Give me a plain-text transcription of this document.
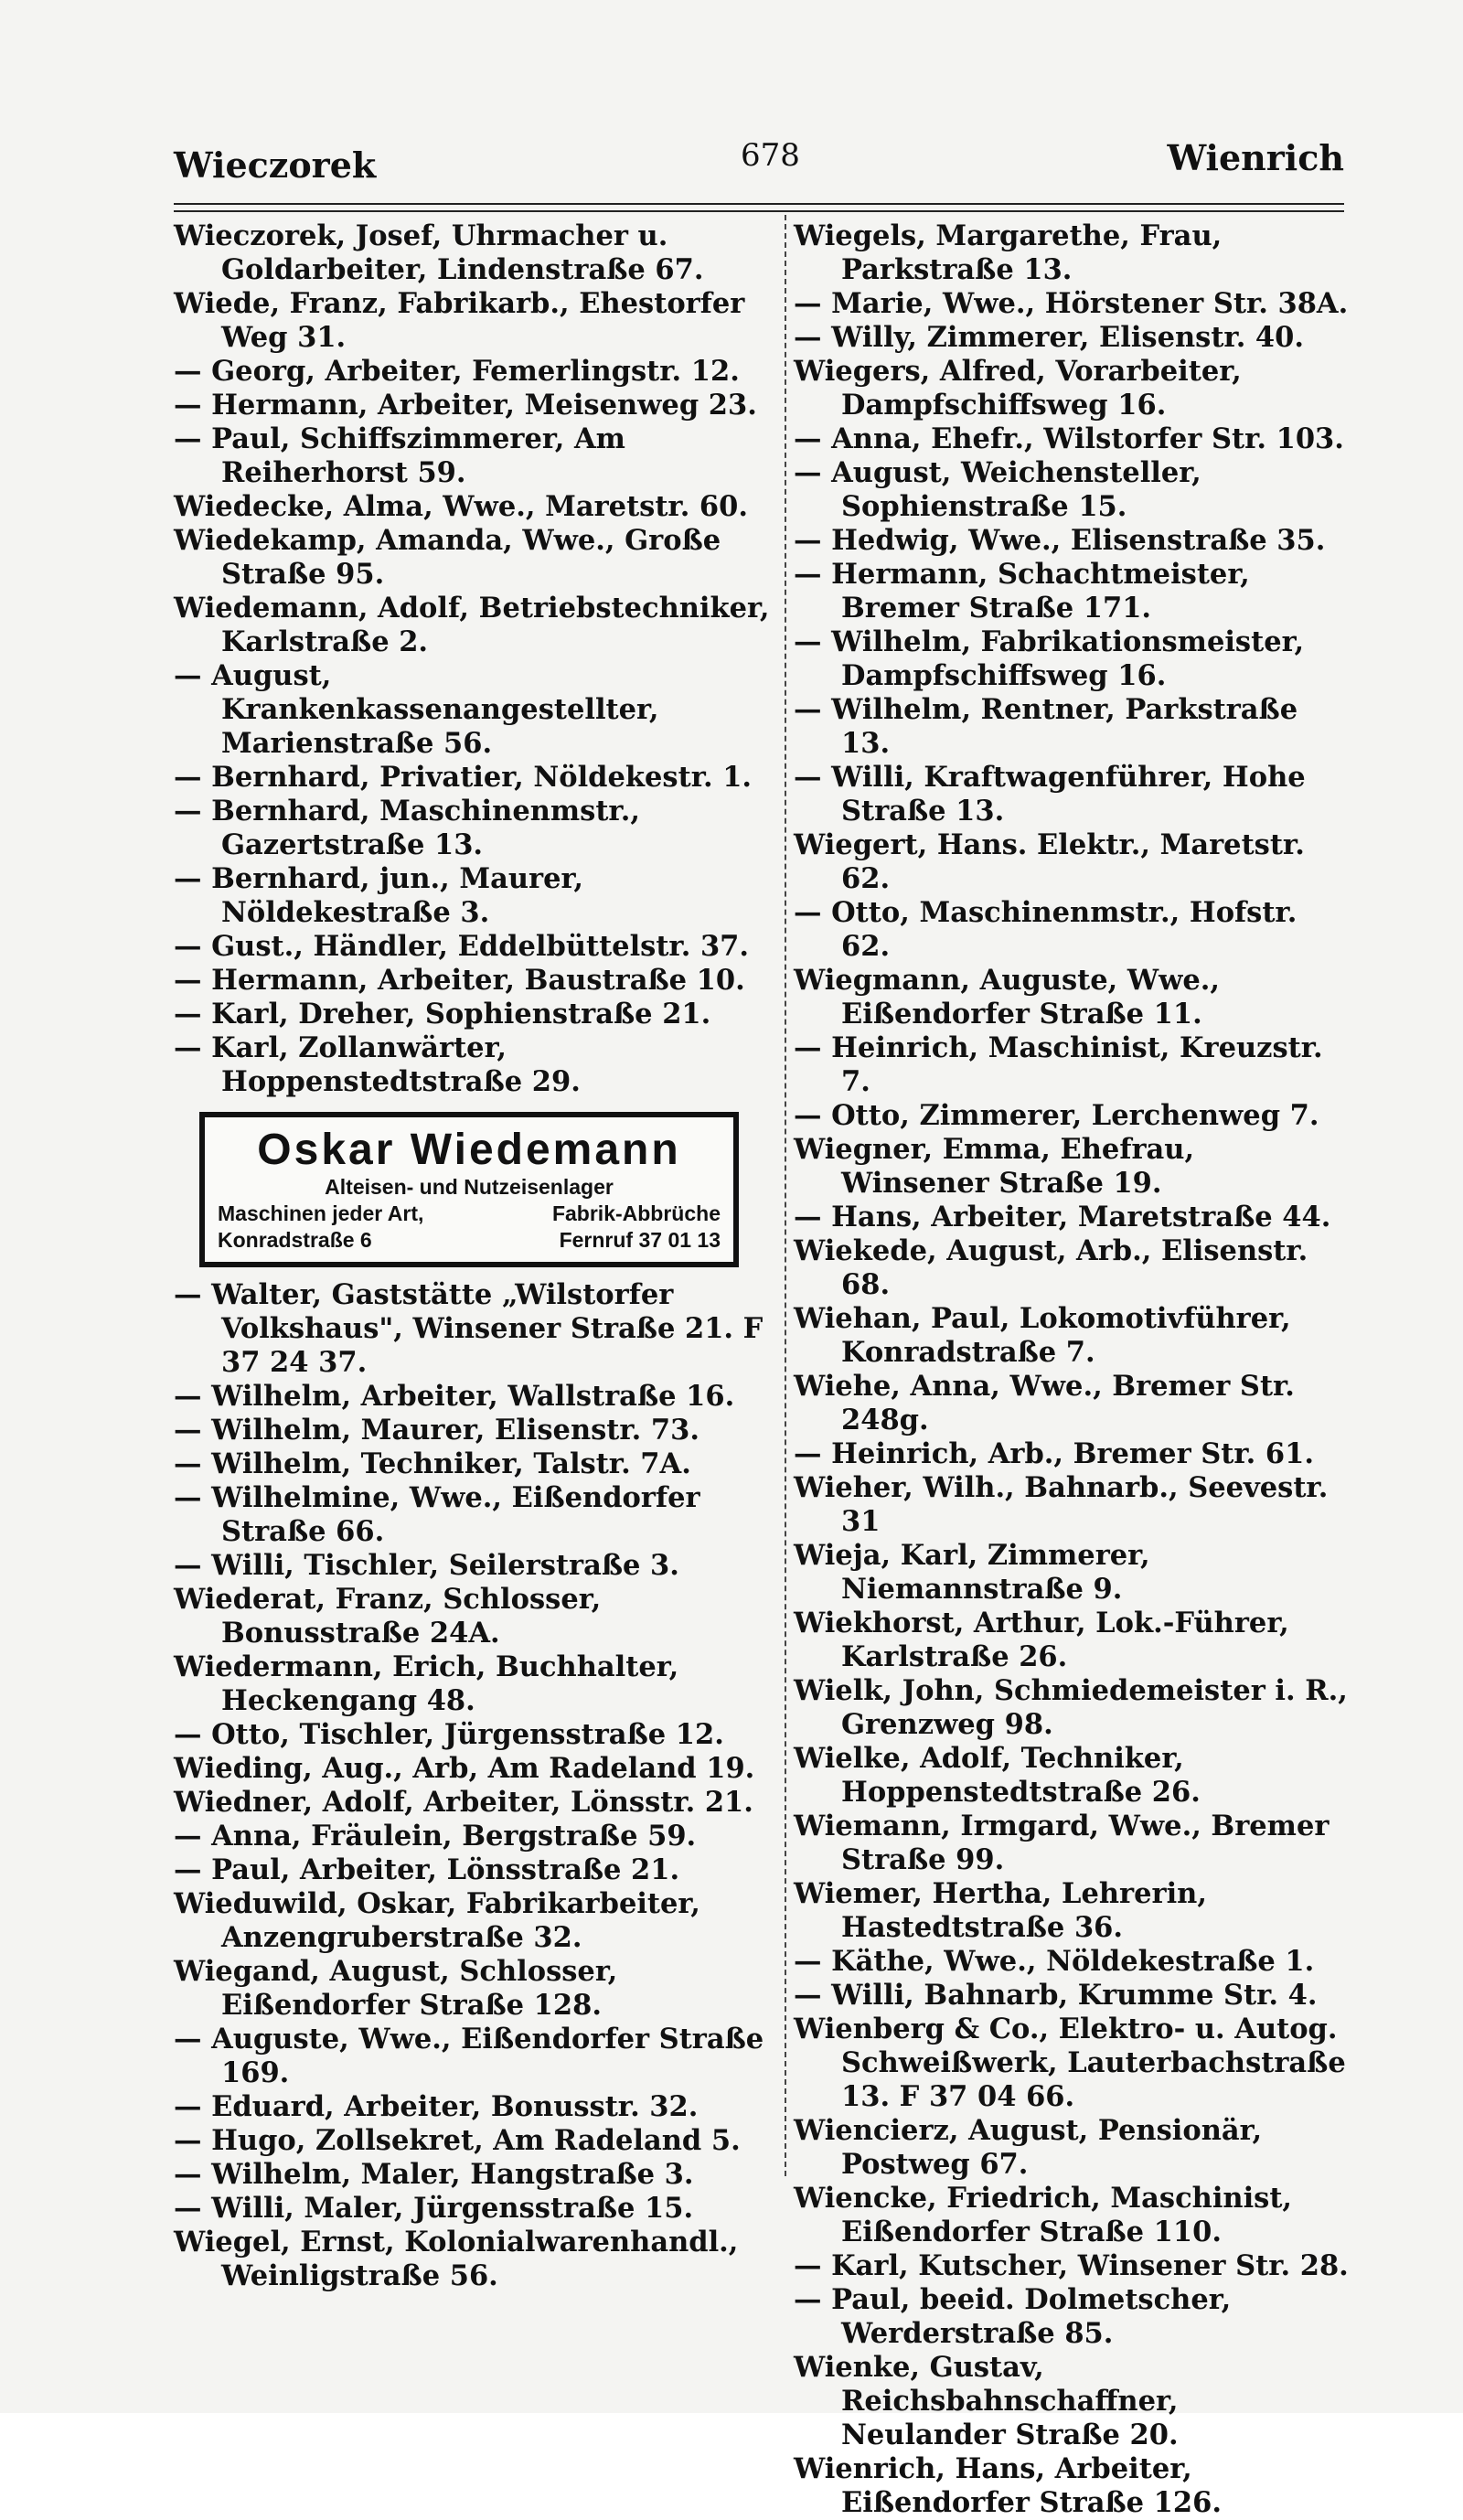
Wieczorek	678	Wienrich

Wieczorek, Josef, Uhrmacher u. Goldarbeiter, Lindenstraße 67.

Wiede, Franz, Fabrikarb., Ehestorfer Weg 31.

— Georg, Arbeiter, Femerlingstr. 12.

— Hermann, Arbeiter, Meisenweg 23.

— Paul, Schiffszimmerer, Am Reiherhorst 59.

Wiedecke, Alma, Wwe., Maretstr. 60.

Wiedekamp, Amanda, Wwe., Große Straße 95.

Wiedemann, Adolf, Betriebstechniker, Karlstraße 2.

— August, Krankenkassenangestellter, Marienstraße 56.

— Bernhard, Privatier, Nöldekestr. 1.

— Bernhard, Maschinenmstr., Gazertstraße 13.

— Bernhard, jun., Maurer, Nöldekestraße 3.

— Gust., Händler, Eddelbüttelstr. 37.

— Hermann, Arbeiter, Baustraße 10.

— Karl, Dreher, Sophienstraße 21.

— Karl, Zollanwärter, Hoppenstedtstraße 29.

Oskar Wiedemann
Alteisen- und Nutzeisenlager
Maschinen jeder Art,	Fabrik-Abbrüche
Konradstraße 6	Fernruf 37 01 13

— Walter, Gaststätte „Wilstorfer Volkshaus", Winsener Straße 21. F 37 24 37.

— Wilhelm, Arbeiter, Wallstraße 16.

— Wilhelm, Maurer, Elisenstr. 73.

— Wilhelm, Techniker, Talstr. 7A.

— Wilhelmine, Wwe., Eißendorfer Straße 66.

— Willi, Tischler, Seilerstraße 3.

Wiederat, Franz, Schlosser, Bonusstraße 24A.

Wiedermann, Erich, Buchhalter, Heckengang 48.

— Otto, Tischler, Jürgensstraße 12.

Wieding, Aug., Arb, Am Radeland 19.

Wiedner, Adolf, Arbeiter, Lönsstr. 21.

— Anna, Fräulein, Bergstraße 59.

— Paul, Arbeiter, Lönsstraße 21.

Wieduwild, Oskar, Fabrikarbeiter, Anzengruberstraße 32.

Wiegand, August, Schlosser, Eißendorfer Straße 128.

— Auguste, Wwe., Eißendorfer Straße 169.

— Eduard, Arbeiter, Bonusstr. 32.

— Hugo, Zollsekret, Am Radeland 5.

— Wilhelm, Maler, Hangstraße 3.

— Willi, Maler, Jürgensstraße 15.

Wiegel, Ernst, Kolonialwarenhandl., Weinligstraße 56.

Wiegels, Margarethe, Frau, Parkstraße 13.

— Marie, Wwe., Hörstener Str. 38A.

— Willy, Zimmerer, Elisenstr. 40.

Wiegers, Alfred, Vorarbeiter, Dampfschiffsweg 16.

— Anna, Ehefr., Wilstorfer Str. 103.

— August, Weichensteller, Sophienstraße 15.

— Hedwig, Wwe., Elisenstraße 35.

— Hermann, Schachtmeister, Bremer Straße 171.

— Wilhelm, Fabrikationsmeister, Dampfschiffsweg 16.

— Wilhelm, Rentner, Parkstraße 13.

— Willi, Kraftwagenführer, Hohe Straße 13.

Wiegert, Hans. Elektr., Maretstr. 62.

— Otto, Maschinenmstr., Hofstr. 62.

Wiegmann, Auguste, Wwe., Eißendorfer Straße 11.

— Heinrich, Maschinist, Kreuzstr. 7.

— Otto, Zimmerer, Lerchenweg 7.

Wiegner, Emma, Ehefrau, Winsener Straße 19.

— Hans, Arbeiter, Maretstraße 44.

Wiekede, August, Arb., Elisenstr. 68.

Wiehan, Paul, Lokomotivführer, Konradstraße 7.

Wiehe, Anna, Wwe., Bremer Str. 248g.

— Heinrich, Arb., Bremer Str. 61.

Wieher, Wilh., Bahnarb., Seevestr. 31

Wieja, Karl, Zimmerer, Niemannstraße 9.

Wiekhorst, Arthur, Lok.-Führer, Karlstraße 26.

Wielk, John, Schmiedemeister i. R., Grenzweg 98.

Wielke, Adolf, Techniker, Hoppenstedtstraße 26.

Wiemann, Irmgard, Wwe., Bremer Straße 99.

Wiemer, Hertha, Lehrerin, Hastedtstraße 36.

— Käthe, Wwe., Nöldekestraße 1.

— Willi, Bahnarb, Krumme Str. 4.

Wienberg & Co., Elektro- u. Autog. Schweißwerk, Lauterbachstraße 13. F 37 04 66.

Wiencierz, August, Pensionär, Postweg 67.

Wiencke, Friedrich, Maschinist, Eißendorfer Straße 110.

— Karl, Kutscher, Winsener Str. 28.

— Paul, beeid. Dolmetscher, Werderstraße 85.

Wienke, Gustav, Reichsbahnschaffner, Neulander Straße 20.

Wienrich, Hans, Arbeiter, Eißendorfer Straße 126.
